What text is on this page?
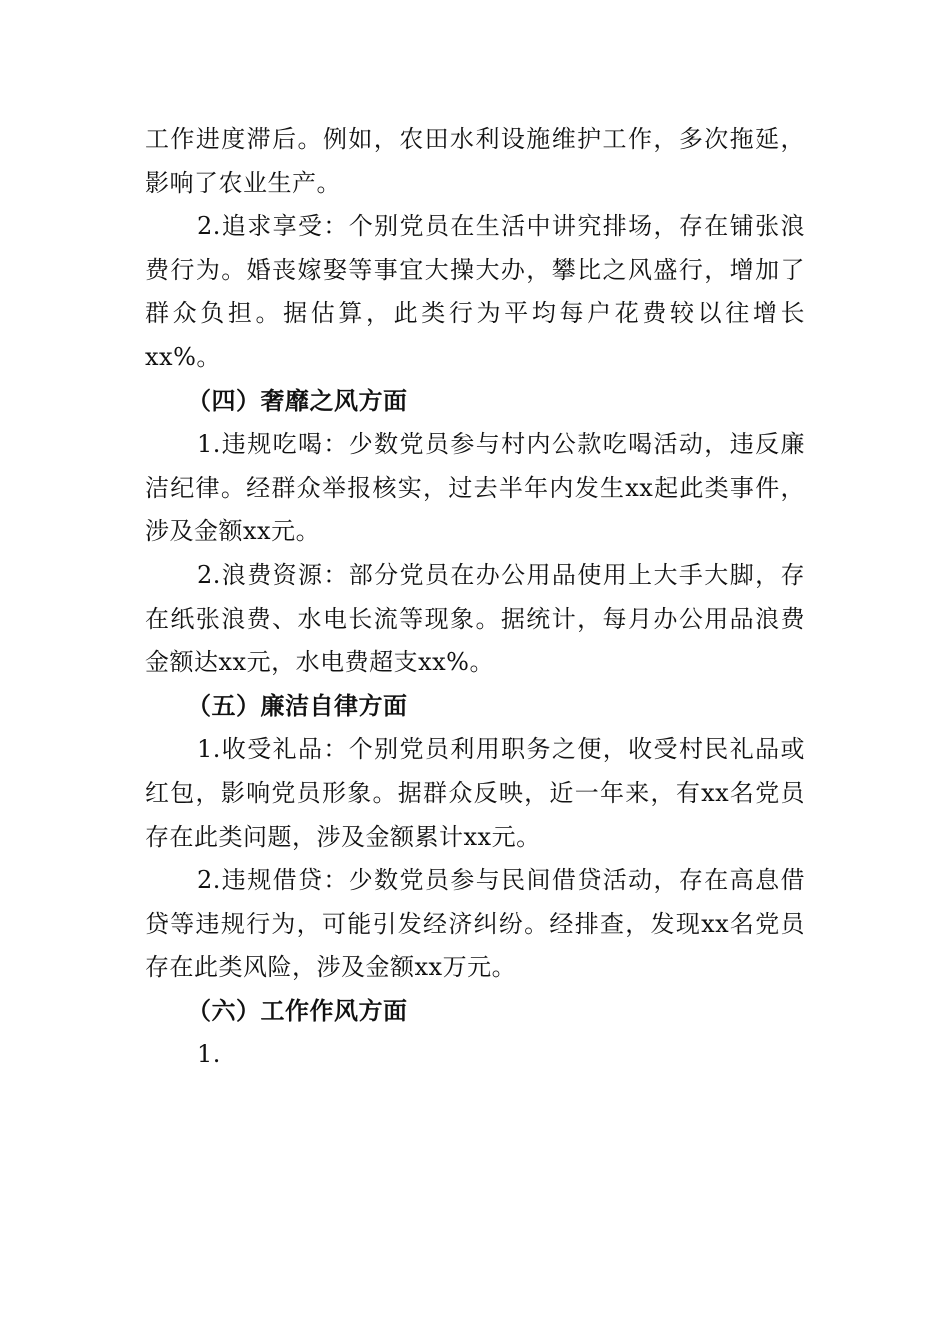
工作进度滞后。例如，农田水利设施维护工作，多次拖延，影响了农业生产。

2.追求享受：个别党员在生活中讲究排场，存在铺张浪费行为。婚丧嫁娶等事宜大操大办，攀比之风盛行，增加了群众负担。据估算，此类行为平均每户花费较以往增长xx%。

（四）奢靡之风方面

1.违规吃喝：少数党员参与村内公款吃喝活动，违反廉洁纪律。经群众举报核实，过去半年内发生xx起此类事件，涉及金额xx元。

2.浪费资源：部分党员在办公用品使用上大手大脚，存在纸张浪费、水电长流等现象。据统计，每月办公用品浪费金额达xx元，水电费超支xx%。

（五）廉洁自律方面

1.收受礼品：个别党员利用职务之便，收受村民礼品或红包，影响党员形象。据群众反映，近一年来，有xx名党员存在此类问题，涉及金额累计xx元。

2.违规借贷：少数党员参与民间借贷活动，存在高息借贷等违规行为，可能引发经济纠纷。经排查，发现xx名党员存在此类风险，涉及金额xx万元。

（六）工作作风方面

1.
